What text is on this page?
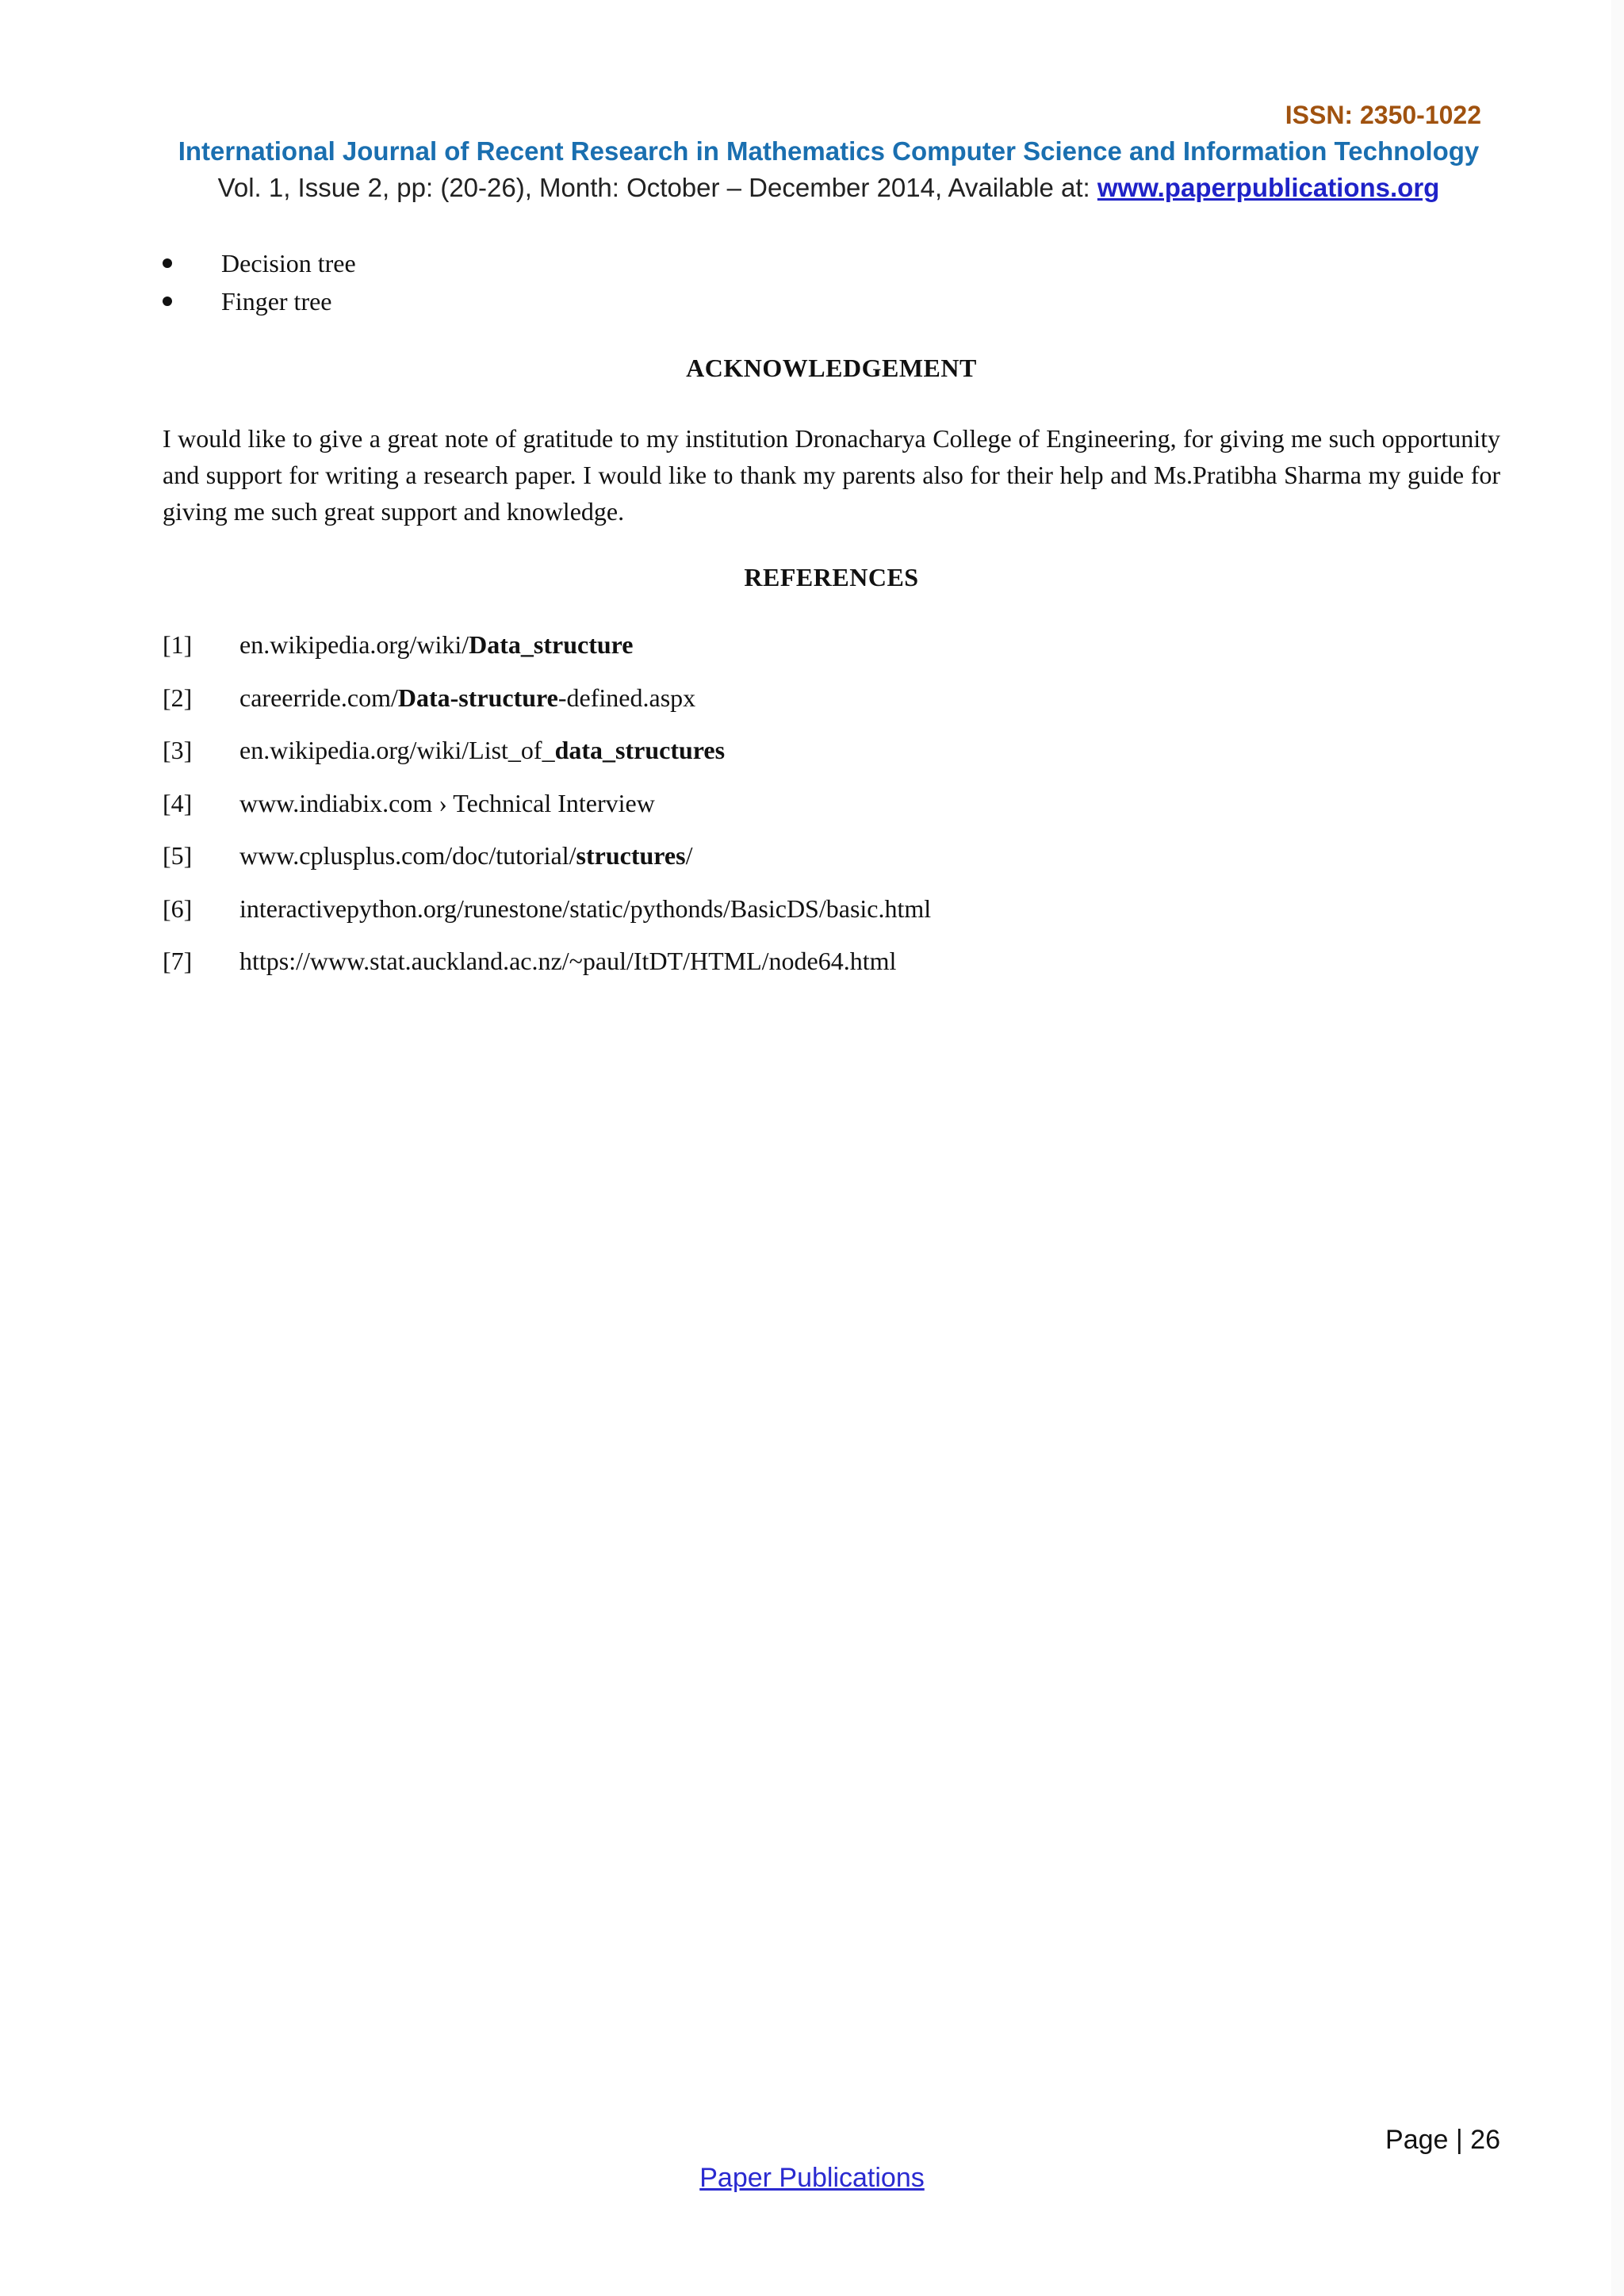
ISSN: 2350-1022
International Journal of Recent Research in Mathematics Computer Science and Information Technology
Vol. 1, Issue 2, pp: (20-26), Month: October – December 2014, Available at: www.paperpublications.org
Decision tree
Finger tree
ACKNOWLEDGEMENT
I would like to give a great note of gratitude to my institution Dronacharya College of Engineering, for giving me such opportunity and support for writing a research paper. I would like to thank my parents also for their help and Ms.Pratibha Sharma my guide for giving me such great support and knowledge.
REFERENCES
[1]	en.wikipedia.org/wiki/Data_structure
[2]	careerride.com/Data-structure-defined.aspx
[3]	en.wikipedia.org/wiki/List_of_data_structures
[4]	www.indiabix.com › Technical Interview
[5]	www.cplusplus.com/doc/tutorial/structures/
[6]	interactivepython.org/runestone/static/pythonds/BasicDS/basic.html
[7]	https://www.stat.auckland.ac.nz/~paul/ItDT/HTML/node64.html
Page | 26
Paper Publications
